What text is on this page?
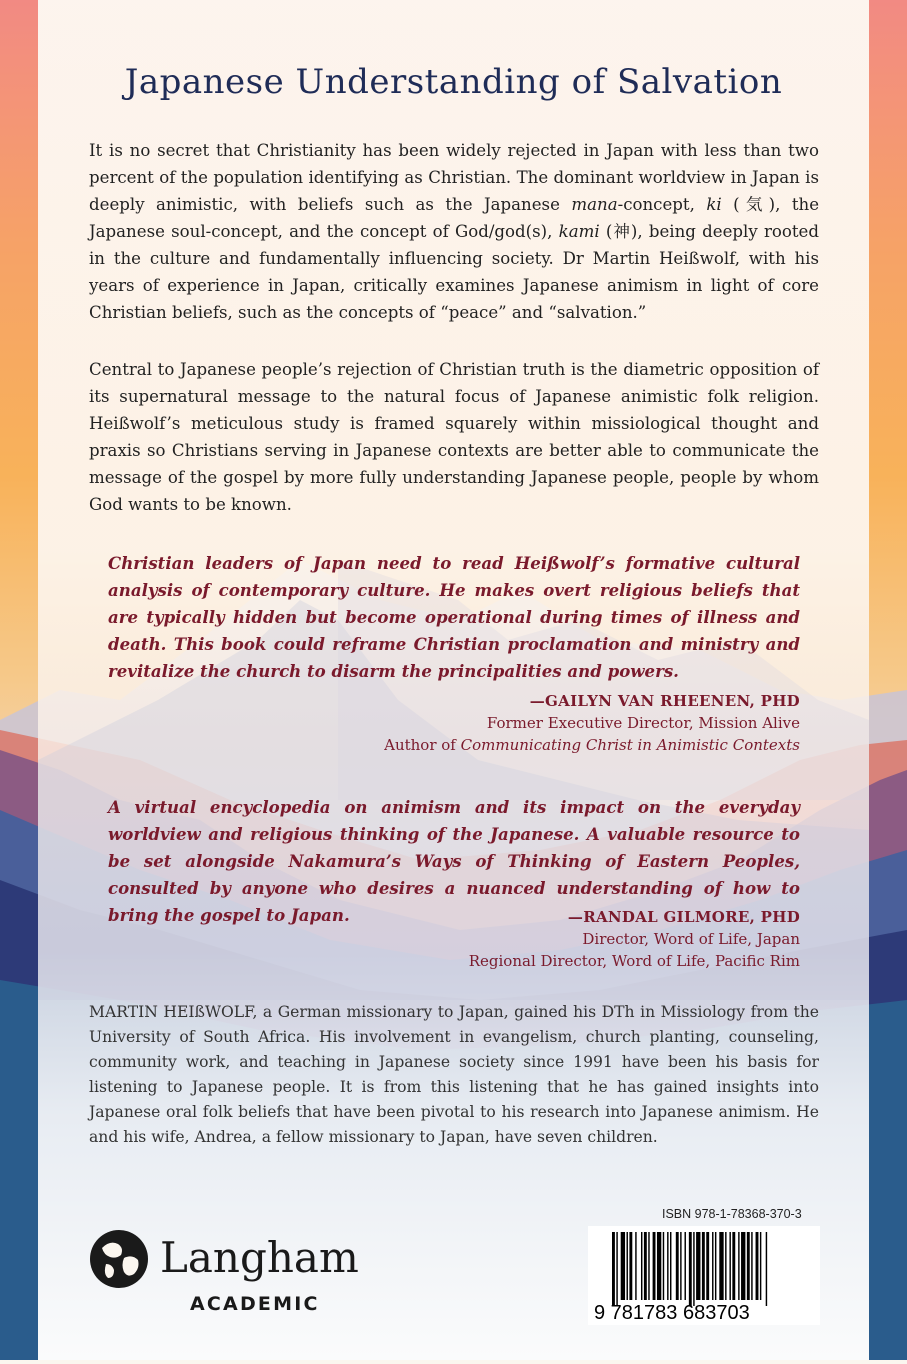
Japanese Understanding of Salvation
It is no secret that Christianity has been widely rejected in Japan with less than two percent of the population identifying as Christian. The dominant worldview in Japan is deeply animistic, with beliefs such as the Japanese mana-concept, ki (気), the Japanese soul-concept, and the concept of God/god(s), kami (神), being deeply rooted in the culture and fundamentally influencing society. Dr Martin Heißwolf, with his years of experience in Japan, critically examines Japanese animism in light of core Christian beliefs, such as the concepts of “peace” and “salvation.”
Central to Japanese people’s rejection of Christian truth is the diametric opposition of its supernatural message to the natural focus of Japanese animistic folk religion. Heißwolf’s meticulous study is framed squarely within missiological thought and praxis so Christians serving in Japanese contexts are better able to communicate the message of the gospel by more fully understanding Japanese people, people by whom God wants to be known.
Christian leaders of Japan need to read Heißwolf’s formative cultural analysis of contemporary culture. He makes overt religious beliefs that are typically hidden but become operational during times of illness and death. This book could reframe Christian proclamation and ministry and revitalize the church to disarm the principalities and powers.
—GAILYN VAN RHEENEN, PHD
Former Executive Director, Mission Alive
Author of Communicating Christ in Animistic Contexts
A virtual encyclopedia on animism and its impact on the everyday worldview and religious thinking of the Japanese. A valuable resource to be set alongside Nakamura’s Ways of Thinking of Eastern Peoples, consulted by anyone who desires a nuanced understanding of how to bring the gospel to Japan.	—RANDAL GILMORE, PHD
Director, Word of Life, Japan
Regional Director, Word of Life, Pacific Rim
MARTIN HEIßWOLF, a German missionary to Japan, gained his DTh in Missiology from the University of South Africa. His involvement in evangelism, church planting, counseling, community work, and teaching in Japanese society since 1991 have been his basis for listening to Japanese people. It is from this listening that he has gained insights into Japanese oral folk beliefs that have been pivotal to his research into Japanese animism. He and his wife, Andrea, a fellow missionary to Japan, have seven children.
Langham
ACADEMIC
ISBN 978-1-78368-370-3
9 781783 683703
